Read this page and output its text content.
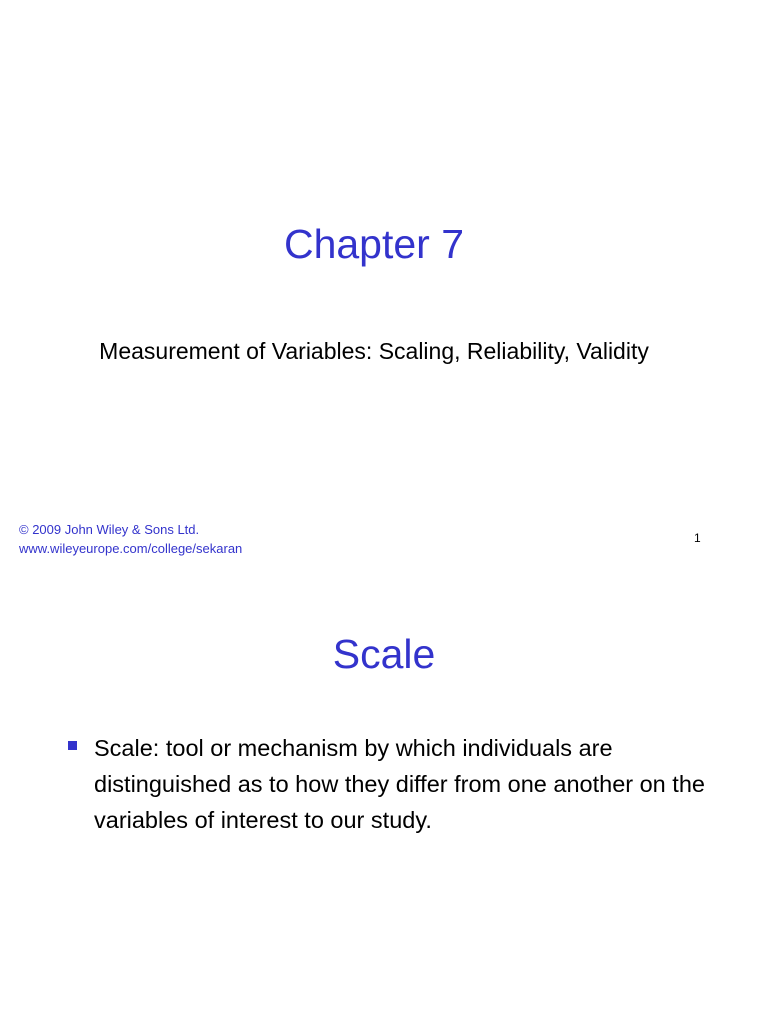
Chapter 7
Measurement of Variables: Scaling, Reliability, Validity
© 2009 John Wiley & Sons Ltd.
www.wileyeurope.com/college/sekaran
1
Scale
Scale: tool or mechanism by which individuals are distinguished as to how they differ from one another on the variables of interest to our study.
